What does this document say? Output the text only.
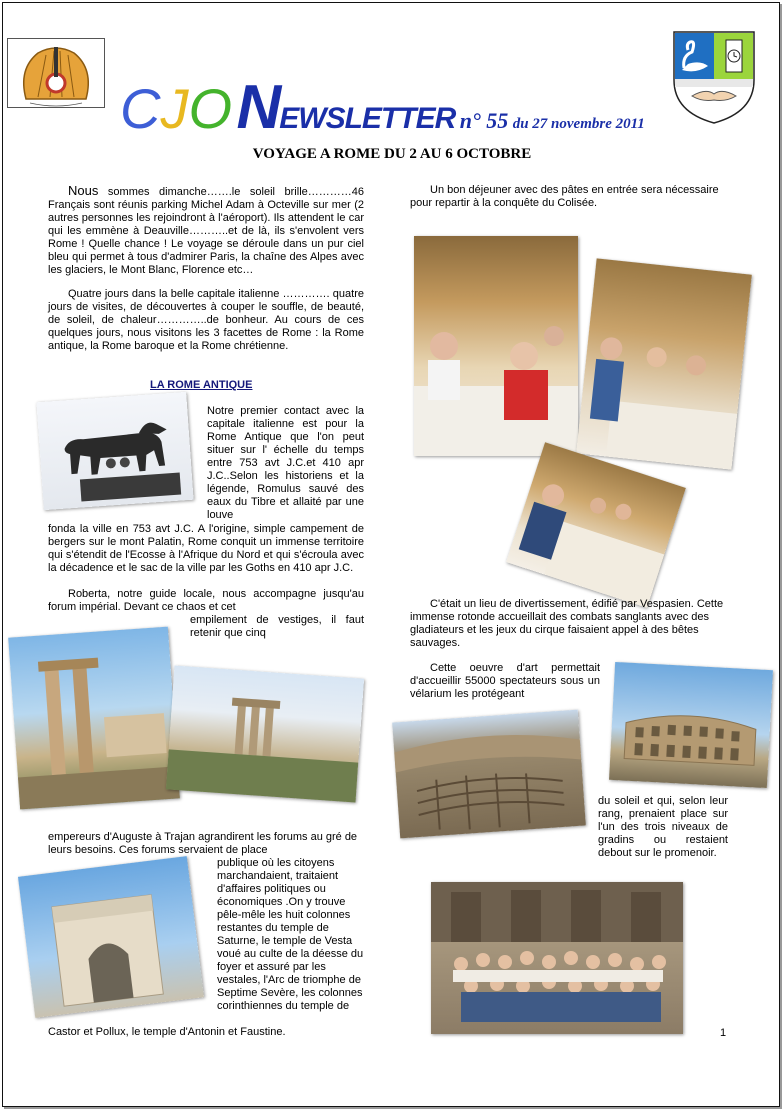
CJO NEWSLETTER n° 55 du 27 novembre 2011
VOYAGE A ROME DU 2 AU 6 OCTOBRE
Nous sommes dimanche…….le soleil brille…………46 Français sont réunis parking Michel Adam à Octeville sur mer (2 autres personnes les rejoindront à l'aéroport). Ils attendent le car qui les emmène à Deauville………..et de là, ils s'envolent vers Rome ! Quelle chance ! Le voyage se déroule dans un pur ciel bleu qui permet à tous d'admirer Paris, la chaîne des Alpes avec les glaciers, le Mont Blanc, Florence etc…
Quatre jours dans la belle capitale italienne …………. quatre jours de visites, de découvertes à couper le souffle, de beauté, de soleil, de chaleur…………..de bonheur. Au cours de ces quelques jours, nous visitons les 3 facettes de Rome : la Rome antique, la Rome baroque et la Rome chrétienne.
LA ROME ANTIQUE
Notre premier contact avec la capitale italienne est pour la Rome Antique que l'on peut situer sur l' échelle du temps entre 753 avt J.C.et 410 apr J.C..Selon les historiens et la légende, Romulus sauvé des eaux du Tibre et allaité par une louve
fonda la ville en 753 avt J.C. A l'origine, simple campement de bergers sur le mont Palatin, Rome conquit un immense territoire qui s'étendit de l'Ecosse à l'Afrique du Nord et qui s'écroula avec la décadence et le sac de la ville par les Goths en 410 apr J.C.
Roberta, notre guide locale, nous accompagne jusqu'au forum impérial. Devant ce chaos et cet
empilement de vestiges, il faut retenir que cinq
empereurs d'Auguste à Trajan agrandirent les forums au gré de leurs besoins. Ces forums servaient de place
publique où les citoyens marchandaient, traitaient d'affaires politiques ou économiques .On y trouve pêle-mêle les huit colonnes restantes du temple de Saturne, le temple de Vesta voué au culte de la déesse du foyer et assuré par les vestales, l'Arc de triomphe de Septime Sevère, les colonnes corinthiennes du temple de
Castor et Pollux, le temple d'Antonin et Faustine.
Un bon déjeuner avec des pâtes en entrée sera nécessaire pour repartir à la conquête du Colisée.
C'était un lieu de divertissement, édifié par Vespasien. Cette immense rotonde accueillait des combats sanglants avec des gladiateurs et les jeux du cirque faisaient appel à des bêtes sauvages.
Cette oeuvre d'art permettait d'accueillir 55000 spectateurs sous un vélarium les protégeant
du soleil et qui, selon leur rang, prenaient place sur l'un des trois niveaux de gradins ou restaient debout sur le promenoir.
1
